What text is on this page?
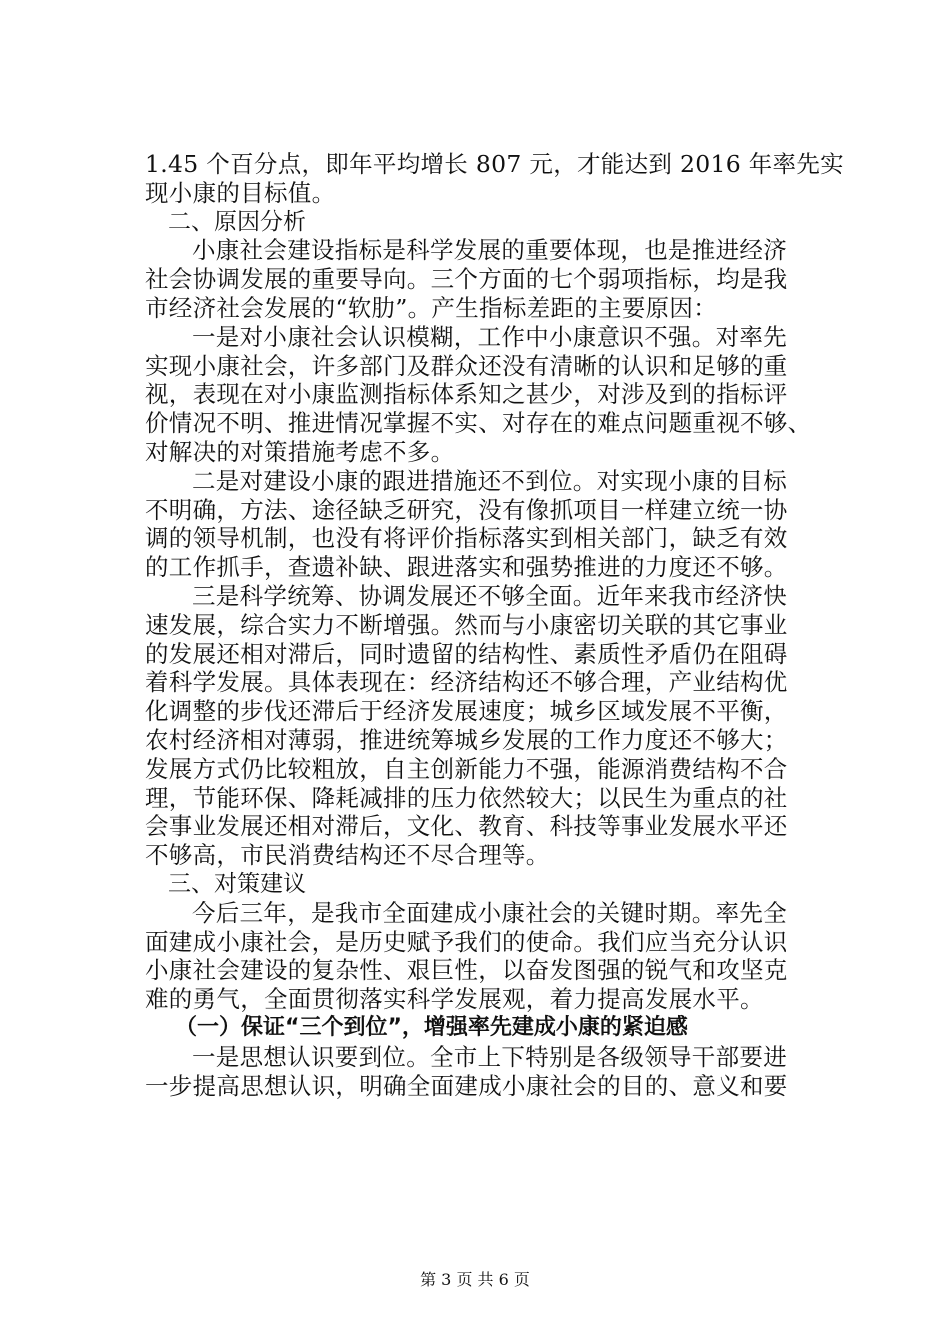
1.45 个百分点，即年平均增长 807 元，才能达到 2016 年率先实
现小康的目标值。
二、原因分析
小康社会建设指标是科学发展的重要体现，也是推进经济
社会协调发展的重要导向。三个方面的七个弱项指标，均是我
市经济社会发展的“软肋”。产生指标差距的主要原因：
一是对小康社会认识模糊，工作中小康意识不强。对率先
实现小康社会，许多部门及群众还没有清晰的认识和足够的重
视，表现在对小康监测指标体系知之甚少，对涉及到的指标评
价情况不明、推进情况掌握不实、对存在的难点问题重视不够、
对解决的对策措施考虑不多。
二是对建设小康的跟进措施还不到位。对实现小康的目标
不明确，方法、途径缺乏研究，没有像抓项目一样建立统一协
调的领导机制，也没有将评价指标落实到相关部门，缺乏有效
的工作抓手，查遗补缺、跟进落实和强势推进的力度还不够。
三是科学统筹、协调发展还不够全面。近年来我市经济快
速发展，综合实力不断增强。然而与小康密切关联的其它事业
的发展还相对滞后，同时遗留的结构性、素质性矛盾仍在阻碍
着科学发展。具体表现在：经济结构还不够合理，产业结构优
化调整的步伐还滞后于经济发展速度；城乡区域发展不平衡，
农村经济相对薄弱，推进统筹城乡发展的工作力度还不够大；
发展方式仍比较粗放，自主创新能力不强，能源消费结构不合
理，节能环保、降耗减排的压力依然较大；以民生为重点的社
会事业发展还相对滞后，文化、教育、科技等事业发展水平还
不够高，市民消费结构还不尽合理等。
三、对策建议
今后三年，是我市全面建成小康社会的关键时期。率先全
面建成小康社会，是历史赋予我们的使命。我们应当充分认识
小康社会建设的复杂性、艰巨性，以奋发图强的锐气和攻坚克
难的勇气，全面贯彻落实科学发展观，着力提高发展水平。
（一）保证“三个到位”，增强率先建成小康的紧迫感
一是思想认识要到位。全市上下特别是各级领导干部要进
一步提高思想认识，明确全面建成小康社会的目的、意义和要
第 3 页 共 6 页
